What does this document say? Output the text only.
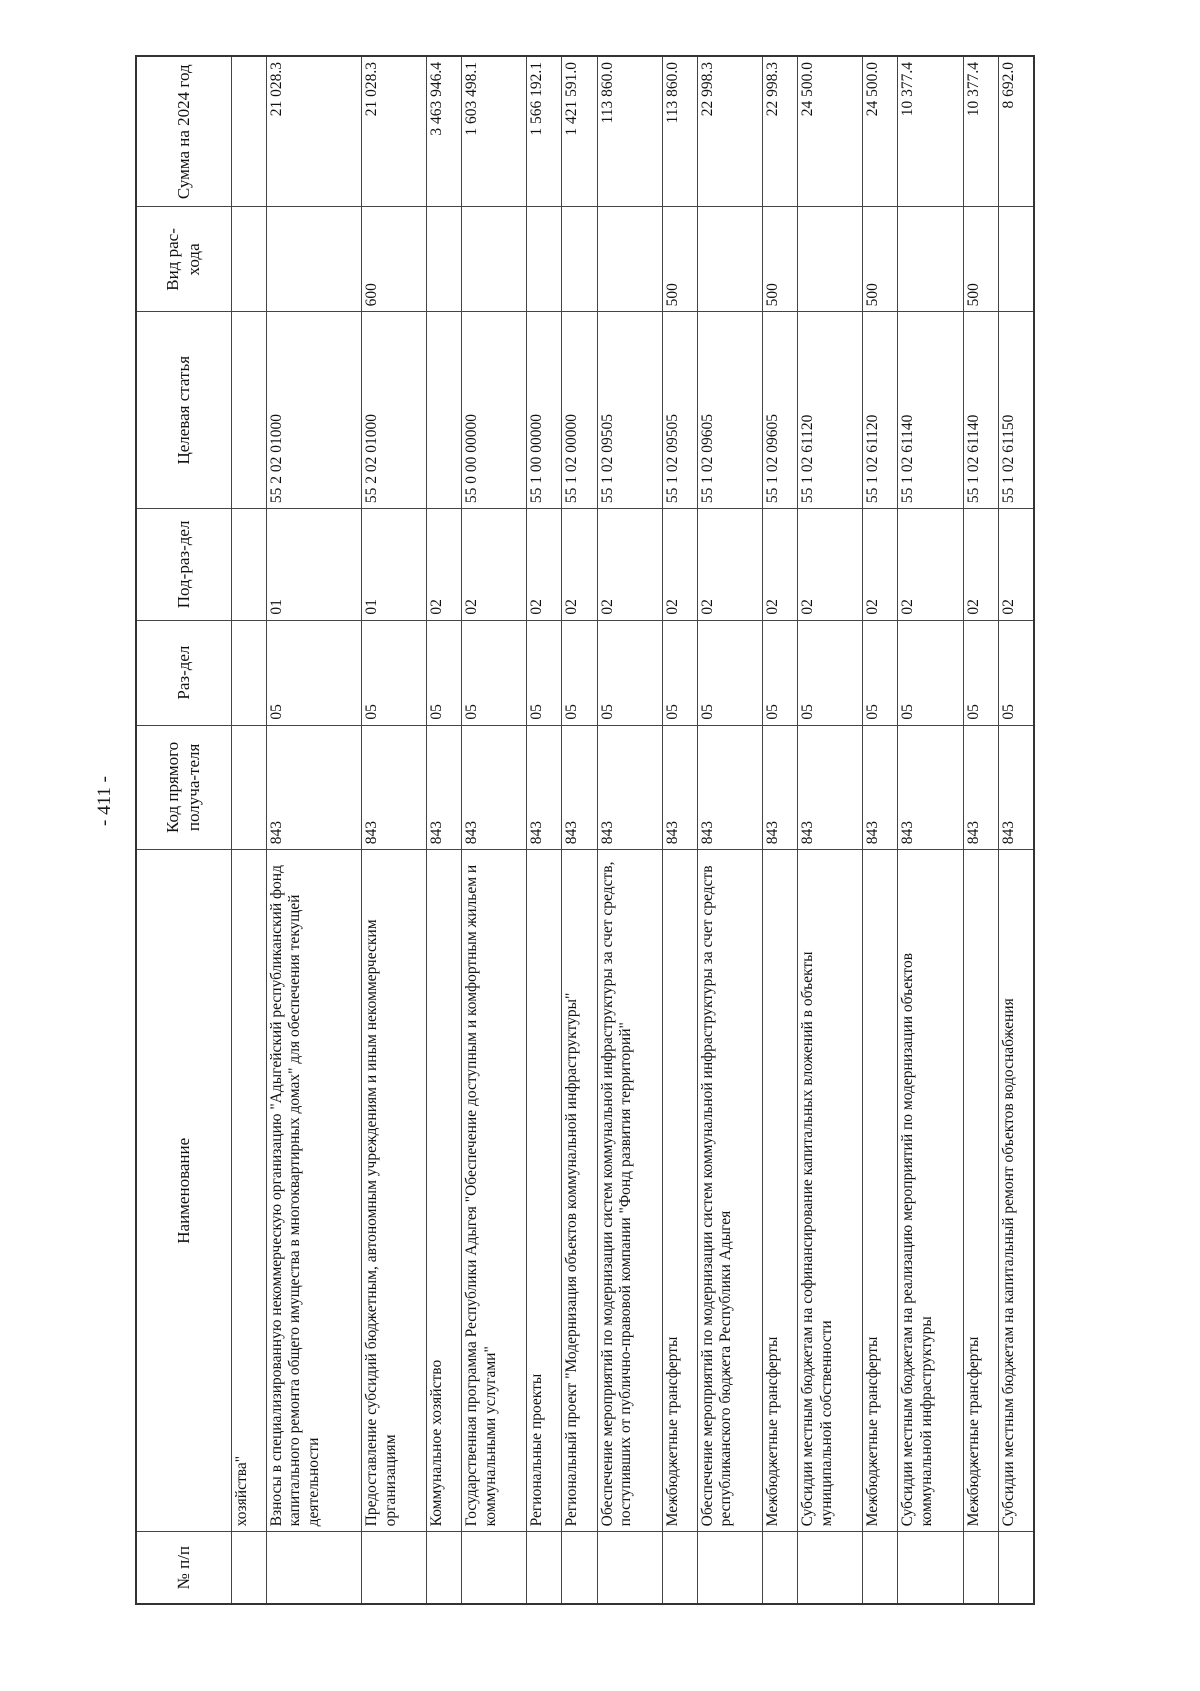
- 411 -
№ п/п	Наименование	Код прямого получа-теля	Раз-дел	Под-раз-дел	Целевая статья	Вид рас-хода	Сумма на 2024 год
	хозяйства"						
	Взносы в специализированную некоммерческую организацию "Адыгейский республиканский фонд капитального ремонта общего имущества в многоквартирных домах" для обеспечения текущей деятельности	843	05	01	55 2 02 01000		21 028.3
	Предоставление субсидий бюджетным, автономным учреждениям и иным некоммерческим организациям	843	05	01	55 2 02 01000	600	21 028.3
	Коммунальное хозяйство	843	05	02			3 463 946.4
	Государственная программа Республики Адыгея "Обеспечение доступным и комфортным жильем и коммунальными услугами"	843	05	02	55 0 00 00000		1 603 498.1
	Региональные проекты	843	05	02	55 1 00 00000		1 566 192.1
	Региональный проект "Модернизация объектов коммунальной инфраструктуры"	843	05	02	55 1 02 00000		1 421 591.0
	Обеспечение мероприятий по модернизации систем коммунальной инфраструктуры за счет средств, поступивших от публично-правовой компании "Фонд развития территорий"	843	05	02	55 1 02 09505		113 860.0
	Межбюджетные трансферты	843	05	02	55 1 02 09505	500	113 860.0
	Обеспечение мероприятий по модернизации систем коммунальной инфраструктуры за счет средств республиканского бюджета Республики Адыгея	843	05	02	55 1 02 09605		22 998.3
	Межбюджетные трансферты	843	05	02	55 1 02 09605	500	22 998.3
	Субсидии местным бюджетам на софинансирование капитальных вложений в объекты муниципальной собственности	843	05	02	55 1 02 61120		24 500.0
	Межбюджетные трансферты	843	05	02	55 1 02 61120	500	24 500.0
	Субсидии местным бюджетам на реализацию мероприятий по модернизации объектов коммунальной инфраструктуры	843	05	02	55 1 02 61140		10 377.4
	Межбюджетные трансферты	843	05	02	55 1 02 61140	500	10 377.4
	Субсидии местным бюджетам на капитальный ремонт объектов водоснабжения	843	05	02	55 1 02 61150		8 692.0
